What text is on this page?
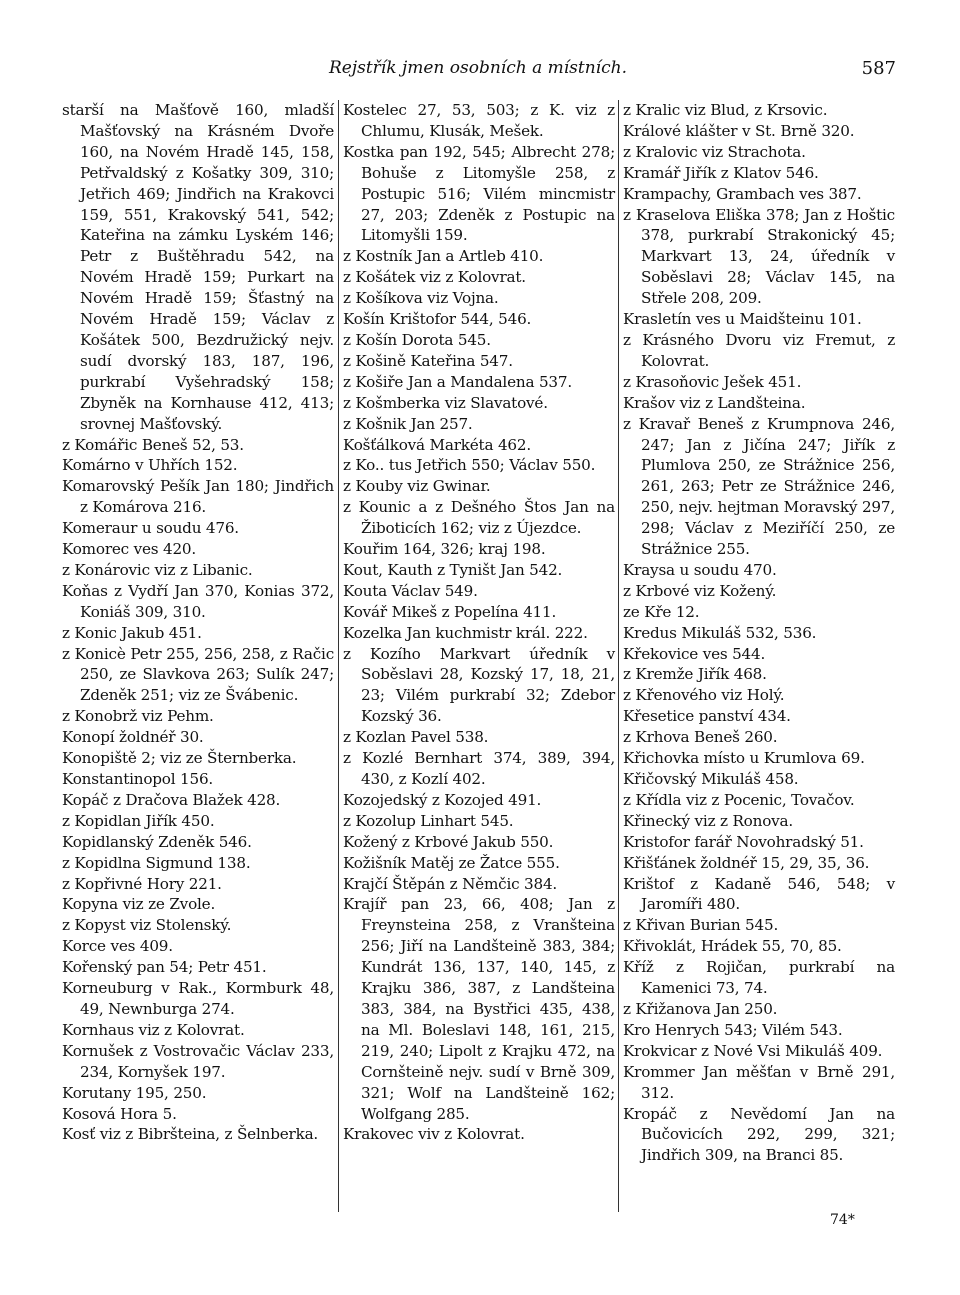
Rejstřík jmen osobních a místních.	587

starší na Mašťově 160, mladší Mašťovský na Krásném Dvoře 160, na Novém Hradě 145, 158, Petřvaldský z Košatky 309, 310; Jetřich 469; Jindřich na Krakovci 159, 551, Krakovský 541, 542; Kateřina na zámku Lyském 146; Petr z Buštěhradu 542, na Novém Hradě 159; Purkart na Novém Hradě 159; Šťastný na Novém Hradě 159; Václav z Košátek 500, Bezdružický nejv. sudí dvorský 183, 187, 196, purkrabí Vyšehradský 158; Zbyněk na Kornhause 412, 413; srovnej Mašťovský.

z Komářic Beneš 52, 53.

Komárno v Uhřích 152.

Komarovský Pešík Jan 180; Jindřich z Komárova 216.

Komeraur u soudu 476.

Komorec ves 420.

z Konárovic viz z Libanic.

Koňas z Vydří Jan 370, Konias 372, Koniáš 309, 310.

z Konic Jakub 451.

z Konicè Petr 255, 256, 258, z Račic 250, ze Slavkova 263; Sulík 247; Zdeněk 251; viz ze Švábenic.

z Konobrž viz Pehm.

Konopí žoldnéř 30.

Konopiště 2; viz ze Šternberka.

Konstantinopol 156.

Kopáč z Dračova Blažek 428.

z Kopidlan Jiřík 450.

Kopidlanský Zdeněk 546.

z Kopidlna Sigmund 138.

z Kopřivné Hory 221.

Kopyna viz ze Zvole.

z Kopyst viz Stolenský.

Korce ves 409.

Kořenský pan 54; Petr 451.

Korneuburg v Rak., Kormburk 48, 49, Newnburga 274.

Kornhaus viz z Kolovrat.

Kornušek z Vostrovačic Václav 233, 234, Kornyšek 197.

Korutany 195, 250.

Kosová Hora 5.

Kosť viz z Bibršteina, z Šelnberka.

Kostelec 27, 53, 503; z K. viz z Chlumu, Klusák, Mešek.

Kostka pan 192, 545; Albrecht 278; Bohuše z Litomyšle 258, z Postupic 516; Vilém mincmistr 27, 203; Zdeněk z Postupic na Litomyšli 159.

z Kostník Jan a Artleb 410.

z Košátek viz z Kolovrat.

z Košíkova viz Vojna.

Košín Krištofor 544, 546.

z Košín Dorota 545.

z Košině Kateřina 547.

z Košiře Jan a Mandalena 537.

z Košmberka viz Slavatové.

z Košnik Jan 257.

Košťálková Markéta 462.

z Ko.. tus Jetřich 550; Václav 550.

z Kouby viz Gwinar.

z Kounic a z Dešného Štos Jan na Žiboticích 162; viz z Újezdce.

Kouřim 164, 326; kraj 198.

Kout, Kauth z Tyništ Jan 542.

Kouta Václav 549.

Kovář Mikeš z Popelína 411.

Kozelka Jan kuchmistr král. 222.

z Kozího Markvart úředník v Soběslavi 28, Kozský 17, 18, 21, 23; Vilém purkrabí 32; Zdebor Kozský 36.

z Kozlan Pavel 538.

z Kozlé Bernhart 374, 389, 394, 430, z Kozlí 402.

Kozojedský z Kozojed 491.

z Kozolup Linhart 545.

Kožený z Krbové Jakub 550.

Kožišník Matěj ze Žatce 555.

Krajčí Štěpán z Němčic 384.

Krajíř pan 23, 66, 408; Jan z Freynsteina 258, z Vranšteina 256; Jiří na Landšteině 383, 384; Kundrát 136, 137, 140, 145, z Krajku 386, 387, z Landšteina 383, 384, na Bystřici 435, 438, na Ml. Boleslavi 148, 161, 215, 219, 240; Lipolt z Krajku 472, na Cornšteině nejv. sudí v Brně 309, 321; Wolf na Landšteině 162; Wolfgang 285.

Krakovec viv z Kolovrat.

z Kralic viz Blud, z Krsovic.

Králové klášter v St. Brně 320.

z Kralovic viz Strachota.

Kramář Jiřík z Klatov 546.

Krampachy, Grambach ves 387.

z Kraselova Eliška 378; Jan z Hoštic 378, purkrabí Strakonický 45; Markvart 13, 24, úředník v Soběslavi 28; Václav 145, na Střele 208, 209.

Krasletín ves u Maidšteinu 101.

z Krásného Dvoru viz Fremut, z Kolovrat.

z Krasoňovic Ješek 451.

Krašov viz z Landšteina.

z Kravař Beneš z Krumpnova 246, 247; Jan z Jičína 247; Jiřík z Plumlova 250, ze Strážnice 256, 261, 263; Petr ze Strážnice 246, 250, nejv. hejtman Moravský 297, 298; Václav z Meziříčí 250, ze Strážnice 255.

Kraysa u soudu 470.

z Krbové viz Kožený.

ze Kře 12.

Kredus Mikuláš 532, 536.

Křekovice ves 544.

z Kremže Jiřík 468.

z Křenového viz Holý.

Křesetice panství 434.

z Krhova Beneš 260.

Křichovka místo u Krumlova 69.

Křičovský Mikuláš 458.

z Křídla viz z Pocenic, Tovačov.

Křinecký viz z Ronova.

Kristofor farář Novohradský 51.

Křišťánek žoldnéř 15, 29, 35, 36.

Krištof z Kadaně 546, 548; v Jaromíři 480.

z Křivan Burian 545.

Křivoklát, Hrádek 55, 70, 85.

Kříž z Rojičan, purkrabí na Kamenici 73, 74.

z Křižanova Jan 250.

Kro Henrych 543; Vilém 543.

Krokvicar z Nové Vsi Mikuláš 409.

Krommer Jan měšťan v Brně 291, 312.

Kropáč z Nevědomí Jan na Bučovicích 292, 299, 321; Jindřich 309, na Branci 85.

74*
